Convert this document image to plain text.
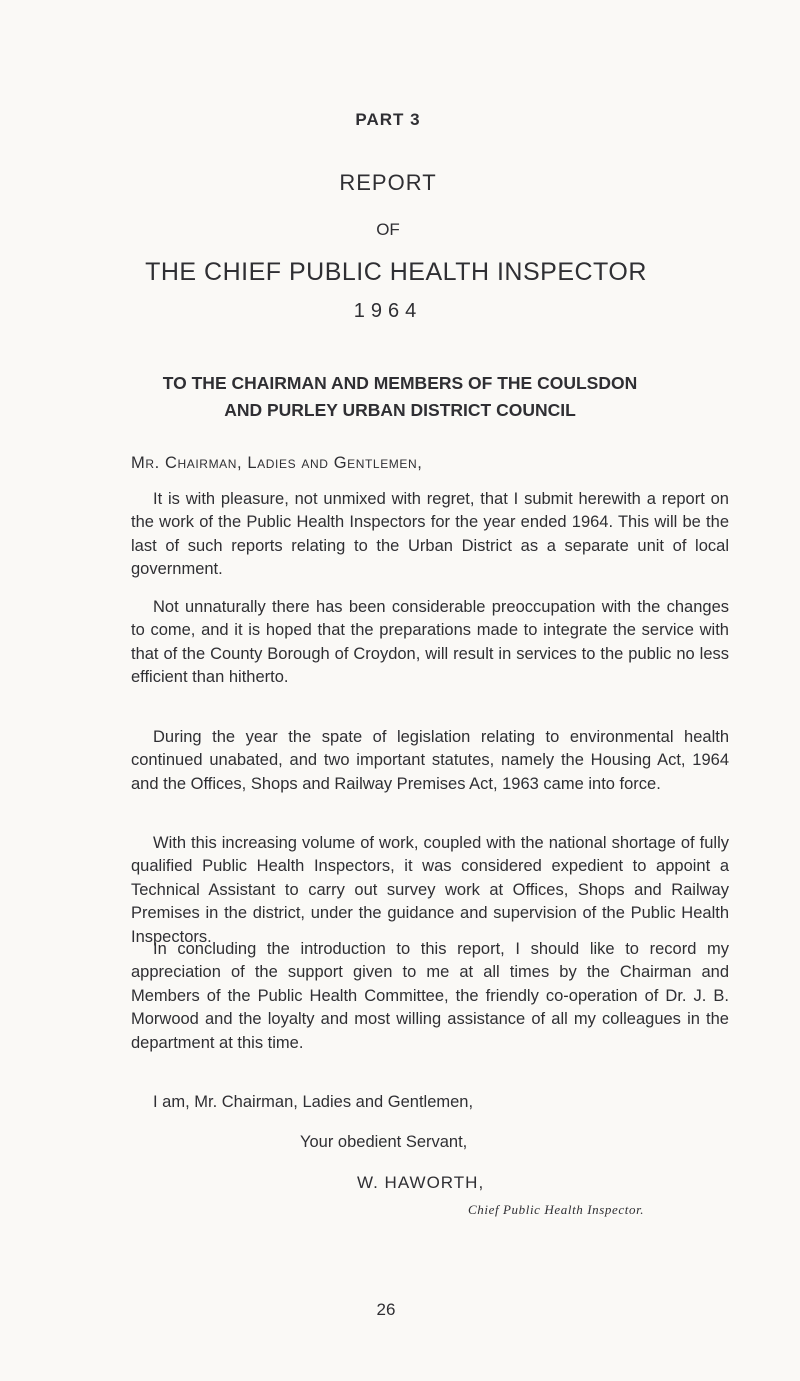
PART 3

REPORT

OF

THE CHIEF PUBLIC HEALTH INSPECTOR

1964

TO THE CHAIRMAN AND MEMBERS OF THE COULSDON
AND PURLEY URBAN DISTRICT COUNCIL

Mr. Chairman, Ladies and Gentlemen,

It is with pleasure, not unmixed with regret, that I submit herewith a report on the work of the Public Health Inspectors for the year ended 1964. This will be the last of such reports relating to the Urban District as a separate unit of local government.

Not unnaturally there has been considerable preoccupation with the changes to come, and it is hoped that the preparations made to integrate the service with that of the County Borough of Croydon, will result in services to the public no less efficient than hitherto.

During the year the spate of legislation relating to environmental health continued unabated, and two important statutes, namely the Housing Act, 1964 and the Offices, Shops and Railway Premises Act, 1963 came into force.

With this increasing volume of work, coupled with the national shortage of fully qualified Public Health Inspectors, it was considered expedient to appoint a Technical Assistant to carry out survey work at Offices, Shops and Railway Premises in the district, under the guidance and supervision of the Public Health Inspectors.

In concluding the introduction to this report, I should like to record my appreciation of the support given to me at all times by the Chairman and Members of the Public Health Committee, the friendly co-operation of Dr. J. B. Morwood and the loyalty and most willing assistance of all my colleagues in the department at this time.

I am, Mr. Chairman, Ladies and Gentlemen,

Your obedient Servant,

W. HAWORTH,

Chief Public Health Inspector.

26
